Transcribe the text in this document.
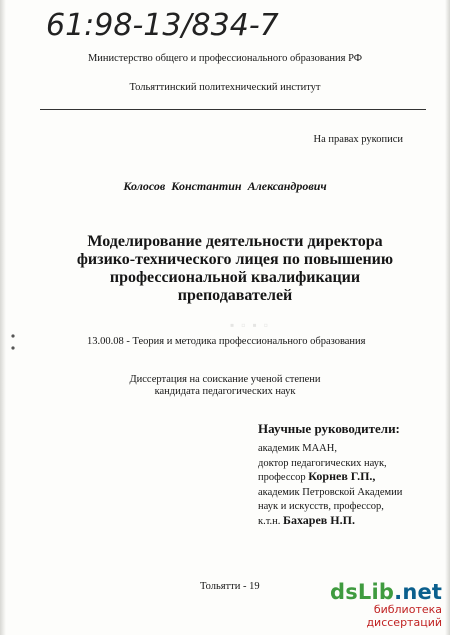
61:98-13/834-7
Министерство общего и профессионального образования РФ
Тольяттинский политехнический институт
На правах рукописи
Колосов Константин Александрович
Моделирование деятельности директора
физико-технического лицея по повышению
профессиональной квалификации
преподавателей
▪ ▫ ▪ ▫
13.00.08 - Теория и методика профессионального образования
Диссертация на соискание ученой степени
кандидата педагогических наук
Научные руководители:
академик МААН,
доктор педагогических наук,
профессор Корнев Г.П.,
академик Петровской Академии
наук и искусств, профессор,
к.т.н. Бахарев Н.П.
Тольятти - 19	dsLib.net
библиотека диссертаций
